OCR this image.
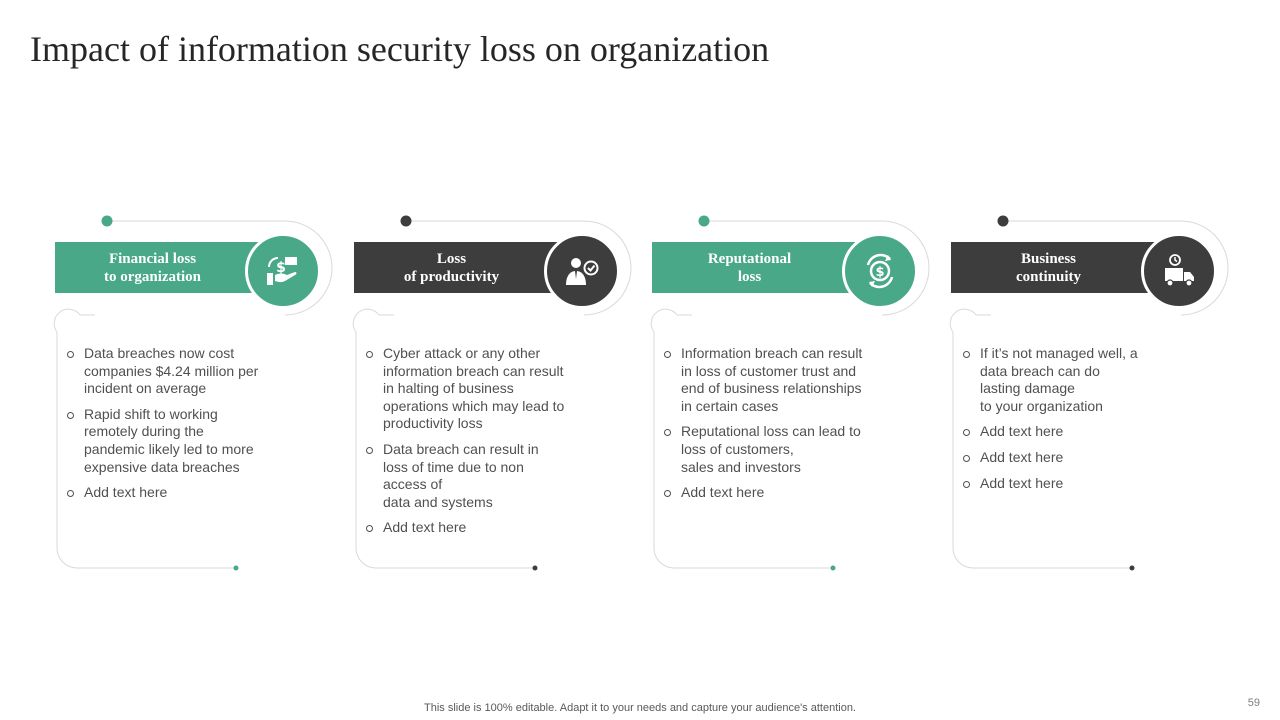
Impact of information security loss on organization
Financial loss
to organization
$
Data breaches now cost
companies $4.24 million per
incident on average
Rapid shift to working
remotely during the
pandemic likely led to more
expensive data breaches
Add text here
Loss
of productivity
Cyber attack or any other
information breach can result
in halting of business
operations which may lead to
productivity loss
Data breach can result in
loss of time due to non
access of
data and systems
Add text here
Reputational
loss	$
Information breach can result
in loss of customer trust and
end of business relationships
in certain cases
Reputational loss can lead to
loss of customers,
sales and investors
Add text here
Business
continuity
If it’s not managed well, a
data breach can do
lasting damage
to your organization
Add text here
Add text here
Add text here
This slide is 100% editable. Adapt it to your needs and capture your audience's attention.	59
